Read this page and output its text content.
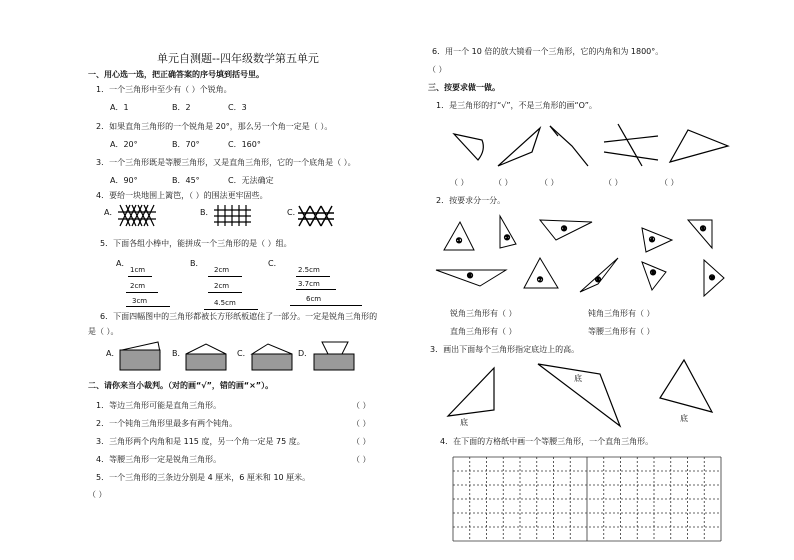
单元自测题--四年级数学第五单元
一、用心选一选，把正确答案的序号填到括号里。
1．一个三角形中至少有（ ）个锐角。
A．1	B．2	C．3
2．如果直角三角形的一个锐角是 20°，那么另一个角一定是（ ）。
A．20°	B．70°	C．160°
3．一个三角形既是等腰三角形，又是直角三角形，它的一个底角是（ ）。
A．90°	B．45°	C．无法确定
4．要给一块地围上篱笆，（ ）的围法更牢固些。
A．	B．	C．
5．下面各组小棒中，能拼成一个三角形的是（ ）组。
A．	B．	C．
1cm
2cm
3cm
2cm
2cm
4.5cm
2.5cm
3.7cm
6cm
6．下面四幅图中的三角形都被长方形纸板遮住了一部分。一定是锐角三角形的
是（ ）。
A．	B．	C．	D．
二、请你来当小裁判。（对的画“√”，错的画“×”）。
1．等边三角形可能是直角三角形。	（ ）
2．一个钝角三角形里最多有两个钝角。	（ ）
3．三角形两个内角和是 115 度，另一个角一定是 75 度。	（ ）
4．等腰三角形一定是锐角三角形。	（ ）
5．一个三角形的三条边分别是 4 厘米，6 厘米和 10 厘米。
（ ）
6．用一个 10 倍的放大镜看一个三角形，它的内角和为 1800°。
（ ）
三、按要求做一做。
1．是三角形的打“√”，不是三角形的画“O”。
（ ）	（ ）	（ ）	（ ）	（ ）
2．按要求分一分。
①	②
③
④
⑤
⑥	⑦	⑧
⑨
⑩
锐角三角形有（ ）	钝角三角形有（ ）
直角三角形有（ ）	等腰三角形有（ ）
3．画出下面每个三角形指定底边上的高。
底
底
底
4．在下面的方格纸中画一个等腰三角形，一个直角三角形。
